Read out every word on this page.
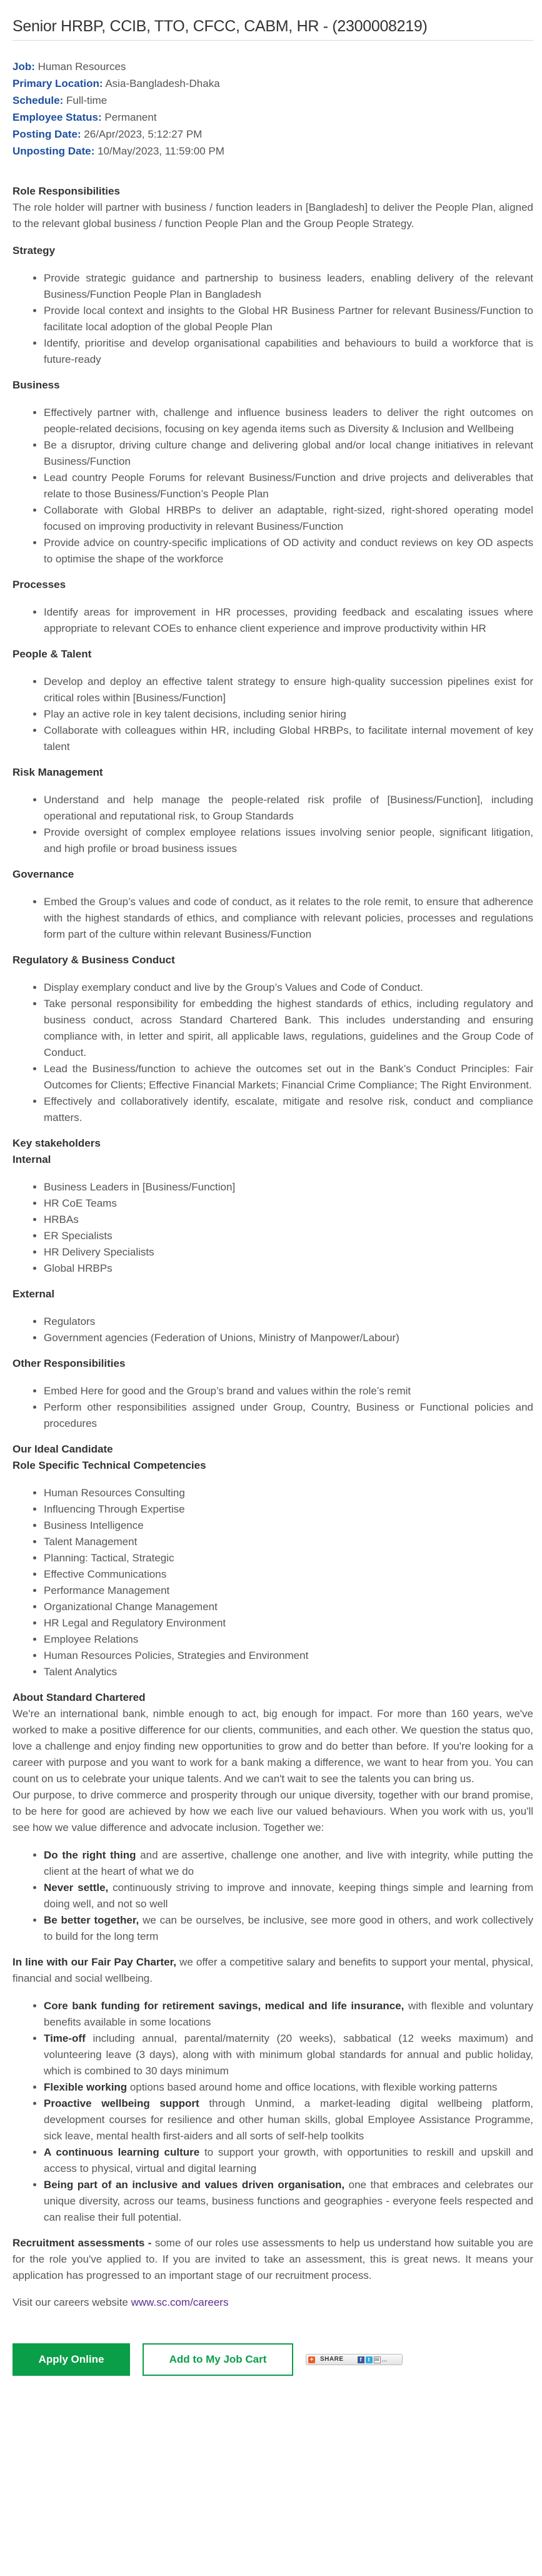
Senior HRBP, CCIB, TTO, CFCC, CABM, HR - (2300008219)
Job: Human Resources
Primary Location: Asia-Bangladesh-Dhaka
Schedule: Full-time
Employee Status: Permanent
Posting Date: 26/Apr/2023, 5:12:27 PM
Unposting Date: 10/May/2023, 11:59:00 PM
Role Responsibilities

The role holder will partner with business / function leaders in [Bangladesh] to deliver the People Plan, aligned to the relevant global business / function People Plan and the Group People Strategy.

Strategy
• Provide strategic guidance and partnership to business leaders, enabling delivery of the relevant Business/Function People Plan in Bangladesh
• Provide local context and insights to the Global HR Business Partner for relevant Business/Function to facilitate local adoption of the global People Plan
• Identify, prioritise and develop organisational capabilities and behaviours to build a workforce that is future-ready
Business
• Effectively partner with, challenge and influence business leaders to deliver the right outcomes on people-related decisions, focusing on key agenda items such as Diversity & Inclusion and Wellbeing
• Be a disruptor, driving culture change and delivering global and/or local change initiatives in relevant Business/Function
• Lead country People Forums for relevant Business/Function and drive projects and deliverables that relate to those Business/Function’s People Plan
• Collaborate with Global HRBPs to deliver an adaptable, right-sized, right-shored operating model focused on improving productivity in relevant Business/Function
• Provide advice on country-specific implications of OD activity and conduct reviews on key OD aspects to optimise the shape of the workforce
Processes
• Identify areas for improvement in HR processes, providing feedback and escalating issues where appropriate to relevant COEs to enhance client experience and improve productivity within HR
People & Talent
• Develop and deploy an effective talent strategy to ensure high-quality succession pipelines exist for critical roles within [Business/Function]
• Play an active role in key talent decisions, including senior hiring
• Collaborate with colleagues within HR, including Global HRBPs, to facilitate internal movement of key talent
Risk Management
• Understand and help manage the people-related risk profile of [Business/Function], including operational and reputational risk, to Group Standards
• Provide oversight of complex employee relations issues involving senior people, significant litigation, and high profile or broad business issues
Governance
• Embed the Group’s values and code of conduct, as it relates to the role remit, to ensure that adherence with the highest standards of ethics, and compliance with relevant policies, processes and regulations form part of the culture within relevant Business/Function
Regulatory & Business Conduct
• Display exemplary conduct and live by the Group’s Values and Code of Conduct.
• Take personal responsibility for embedding the highest standards of ethics, including regulatory and business conduct, across Standard Chartered Bank. This includes understanding and ensuring compliance with, in letter and spirit, all applicable laws, regulations, guidelines and the Group Code of Conduct.
• Lead the Business/function to achieve the outcomes set out in the Bank’s Conduct Principles: Fair Outcomes for Clients; Effective Financial Markets; Financial Crime Compliance; The Right Environment.
• Effectively and collaboratively identify, escalate, mitigate and resolve risk, conduct and compliance matters.
Key stakeholders
Internal
• Business Leaders in [Business/Function]
• HR CoE Teams
• HRBAs
• ER Specialists
• HR Delivery Specialists
• Global HRBPs
External
• Regulators
• Government agencies (Federation of Unions, Ministry of Manpower/Labour)
Other Responsibilities
• Embed Here for good and the Group’s brand and values within the role’s remit
• Perform other responsibilities assigned under Group, Country, Business or Functional policies and procedures
Our Ideal Candidate
Role Specific Technical Competencies
• Human Resources Consulting
• Influencing Through Expertise
• Business Intelligence
• Talent Management
• Planning: Tactical, Strategic
• Effective Communications
• Performance Management
• Organizational Change Management
• HR Legal and Regulatory Environment
• Employee Relations
• Human Resources Policies, Strategies and Environment
• Talent Analytics
About Standard Chartered

We're an international bank, nimble enough to act, big enough for impact. For more than 160 years, we've worked to make a positive difference for our clients, communities, and each other. We question the status quo, love a challenge and enjoy finding new opportunities to grow and do better than before. If you're looking for a career with purpose and you want to work for a bank making a difference, we want to hear from you. You can count on us to celebrate your unique talents. And we can't wait to see the talents you can bring us.

Our purpose, to drive commerce and prosperity through our unique diversity, together with our brand promise, to be here for good are achieved by how we each live our valued behaviours. When you work with us, you'll see how we value difference and advocate inclusion. Together we:

• Do the right thing and are assertive, challenge one another, and live with integrity, while putting the client at the heart of what we do
• Never settle, continuously striving to improve and innovate, keeping things simple and learning from doing well, and not so well
• Be better together, we can be ourselves, be inclusive, see more good in others, and work collectively to build for the long term

In line with our Fair Pay Charter, we offer a competitive salary and benefits to support your mental, physical, financial and social wellbeing.

• Core bank funding for retirement savings, medical and life insurance, with flexible and voluntary benefits available in some locations
• Time-off including annual, parental/maternity (20 weeks), sabbatical (12 weeks maximum) and volunteering leave (3 days), along with with minimum global standards for annual and public holiday, which is combined to 30 days minimum
• Flexible working options based around home and office locations, with flexible working patterns
• Proactive wellbeing support through Unmind, a market-leading digital wellbeing platform, development courses for resilience and other human skills, global Employee Assistance Programme, sick leave, mental health first-aiders and all sorts of self-help toolkits
• A continuous learning culture to support your growth, with opportunities to reskill and upskill and access to physical, virtual and digital learning
• Being part of an inclusive and values driven organisation, one that embraces and celebrates our unique diversity, across our teams, business functions and geographies - everyone feels respected and can realise their full potential.

Recruitment assessments - some of our roles use assessments to help us understand how suitable you are for the role you've applied to. If you are invited to take an assessment, this is great news. It means your application has progressed to an important stage of our recruitment process.

Visit our careers website www.sc.com/careers

Apply Online	Add to My Job Cart	+ SHARE	f	t ✉ …
